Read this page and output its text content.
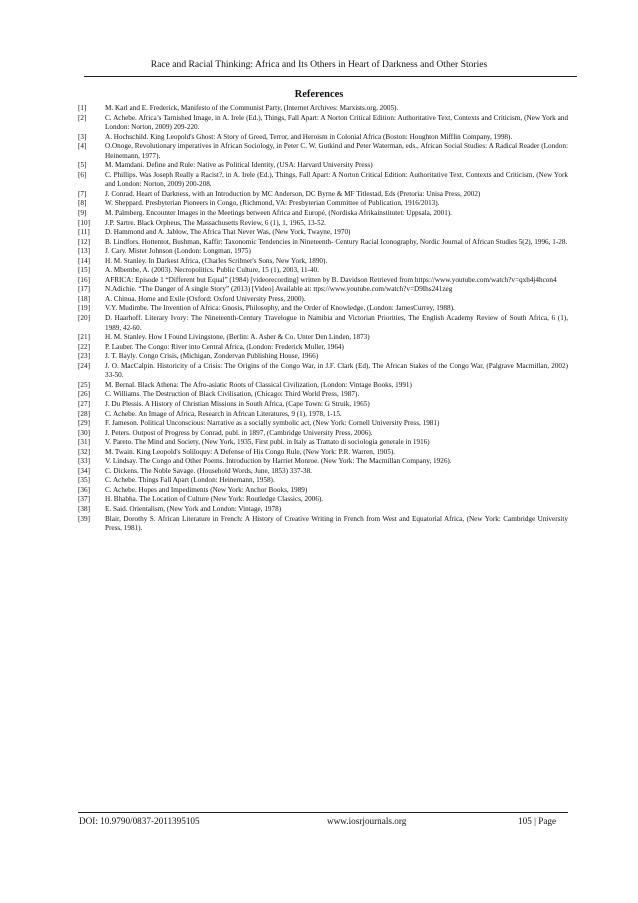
Race and Racial Thinking: Africa and Its Others in Heart of Darkness and Other Stories
References
[1]	M. Karl and E. Frederick, Manifesto of the Communist Party, (Internet Archives: Marxists.org, 2005).
[2]	C. Achebe. Africa’s Tarnished Image, in A. Irele (Ed.), Things, Fall Apart: A Norton Critical Edition: Authoritative Text, Contexts and Criticism, (New York and London: Norton, 2009) 209-220.
[3]	A. Hochschild. King Leopold's Ghost: A Story of Greed, Terror, and Heroism in Colonial Africa (Boston: Houghton Mifflin Company, 1998).
[4]	O.Onoge, Revolutionary imperatives in African Sociology, in Peter C. W. Gutkind and Peter Waterman, eds., African Social Studies: A Radical Reader (London: Heinemann, 1977).
[5]	M. Mamdani. Define and Rule: Native as Political Identity, (USA: Harvard University Press)
[6]	C. Phillips. Was Joseph Really a Racist?, in A. Irele (Ed.), Things, Fall Apart: A Norton Critical Edition: Authoritative Text, Contexts and Criticism, (New York and London: Norton, 2009) 200-208.
[7]	J. Conrad. Heart of Darkness, with an Introduction by MC Anderson, DC Byrne & MF Titlestad, Eds (Pretoria: Unisa Press, 2002)
[8]	W. Sheppard. Presbyterian Pioneers in Congo, (Richmond, VA: Presbyterian Committee of Publication, 1916/2013).
[9]	M. Palmberg. Encounter Images in the Meetings between Africa and Europé, (Nordiska Afrikainstitutet: Uppsala, 2001).
[10]	J.P. Sartre. Black Orpheus, The Massachusetts Review, 6 (1), 1, 1965, 13-52.
[11]	D. Hammond and A. Jablow, The Africa That Never Was, (New York, Twayne, 1970)
[12]	B. Lindfors. Hottentot, Bushman, Kaffir: Taxonomic Tendencies in Nineteenth- Century Racial Iconography, Nordic Journal of African Studies 5(2), 1996, 1-28.
[13]	J. Cary. Mister Johnson (London: Longman, 1975)
[14]	H. M. Stanley. In Darkest Africa, (Charles Scribner's Sons, New York, 1890).
[15]	A. Mbembe, A. (2003). Necropolitics. Public Culture, 15 (1), 2003, 11-40.
[16]	AFRICA: Episode 1 “Different but Equal” (1984) [videorecording] written by B. Davidson Retrieved from https://www.youtube.com/watch?v=qxh4j4hcon4
[17]	N.Adichie. “The Danger of A single Story” (2013) [Video] Available at: ttps://www.youtube.com/watch?v=D9Ihs241zeg
[18]	A. Chinua. Home and Exile (Oxford: Oxford University Press, 2000).
[19]	V.Y. Mudimbe. The Invention of Africa: Gnosis, Philosophy, and the Order of Knowledge, (London: JamesCurrey, 1988).
[20]	D. Haarhoff. Literary Ivory: The Nineteenth-Century Travelogue in Namibia and Victorian Priorities, The English Academy Review of South Africa, 6 (1), 1989, 42-60.
[21]	H. M. Stanley. How I Found Livingstone, (Berlin: A. Asher & Co. Unter Den Linden, 1873)
[22]	P. Lauber. The Congo: River into Central Africa, (London: Frederick Muller, 1964)
[23]	J. T. Bayly. Congo Crisis, (Michigan, Zondervan Publishing House, 1966)
[24]	J. O. MacCalpin. Historicity of a Crisis: The Origins of the Congo War, in J.F. Clark (Ed), The African Stakes of the Congo War, (Palgrave Macmillan, 2002) 33-50.
[25]	M. Bernal. Black Athena: The Afro-asiatic Roots of Classical Civilization, (London: Vintage Books, 1991)
[26]	C. Williams. The Destruction of Black Civilisation, (Chicago: Third World Press, 1987).
[27]	J. Du Plessis. A History of Christian Missions in South Africa, (Cape Town: G Struik, 1965)
[28]	C. Achebe. An Image of Africa, Research in African Literatures, 9 (1), 1978, 1-15.
[29]	F. Jameson. Political Unconscious: Narrative as a socially symbolic act, (New York: Cornell University Press, 1981)
[30]	J. Peters. Outpost of Progress by Conrad, publ. in 1897, (Cambridge University Press, 2006).
[31]	V. Pareto. The Mind and Society, (New York, 1935, First publ. in Italy as Trattato di sociologia generale in 1916)
[32]	M. Twain. King Leopold's Soliloquy: A Defense of His Congo Rule, (New York: P.R. Warren, 1905).
[33]	V. Lindsay. The Congo and Other Poems. Introduction by Harriet Monroe. (New York: The Macmillan Company, 1926).
[34]	C. Dickens. The Noble Savage. (Household Words, June, 1853) 337-38.
[35]	C. Achebe. Things Fall Apart (London: Heinemann, 1958).
[36]	C. Achebe. Hopes and Impediments (New York: Anchor Books, 1989)
[37]	H. Bhabha. The Location of Culture (New York: Routledge Classics, 2006).
[38]	E. Said. Orientalism, (New York and London: Vintage, 1978)
[39]	Blair, Dorothy S. African Literature in French: A History of Creative Writing in French from West and Equatorial Africa, (New York: Cambridge University Press, 1981).
DOI: 10.9790/0837-2011395105	www.iosrjournals.org	105 | Page
